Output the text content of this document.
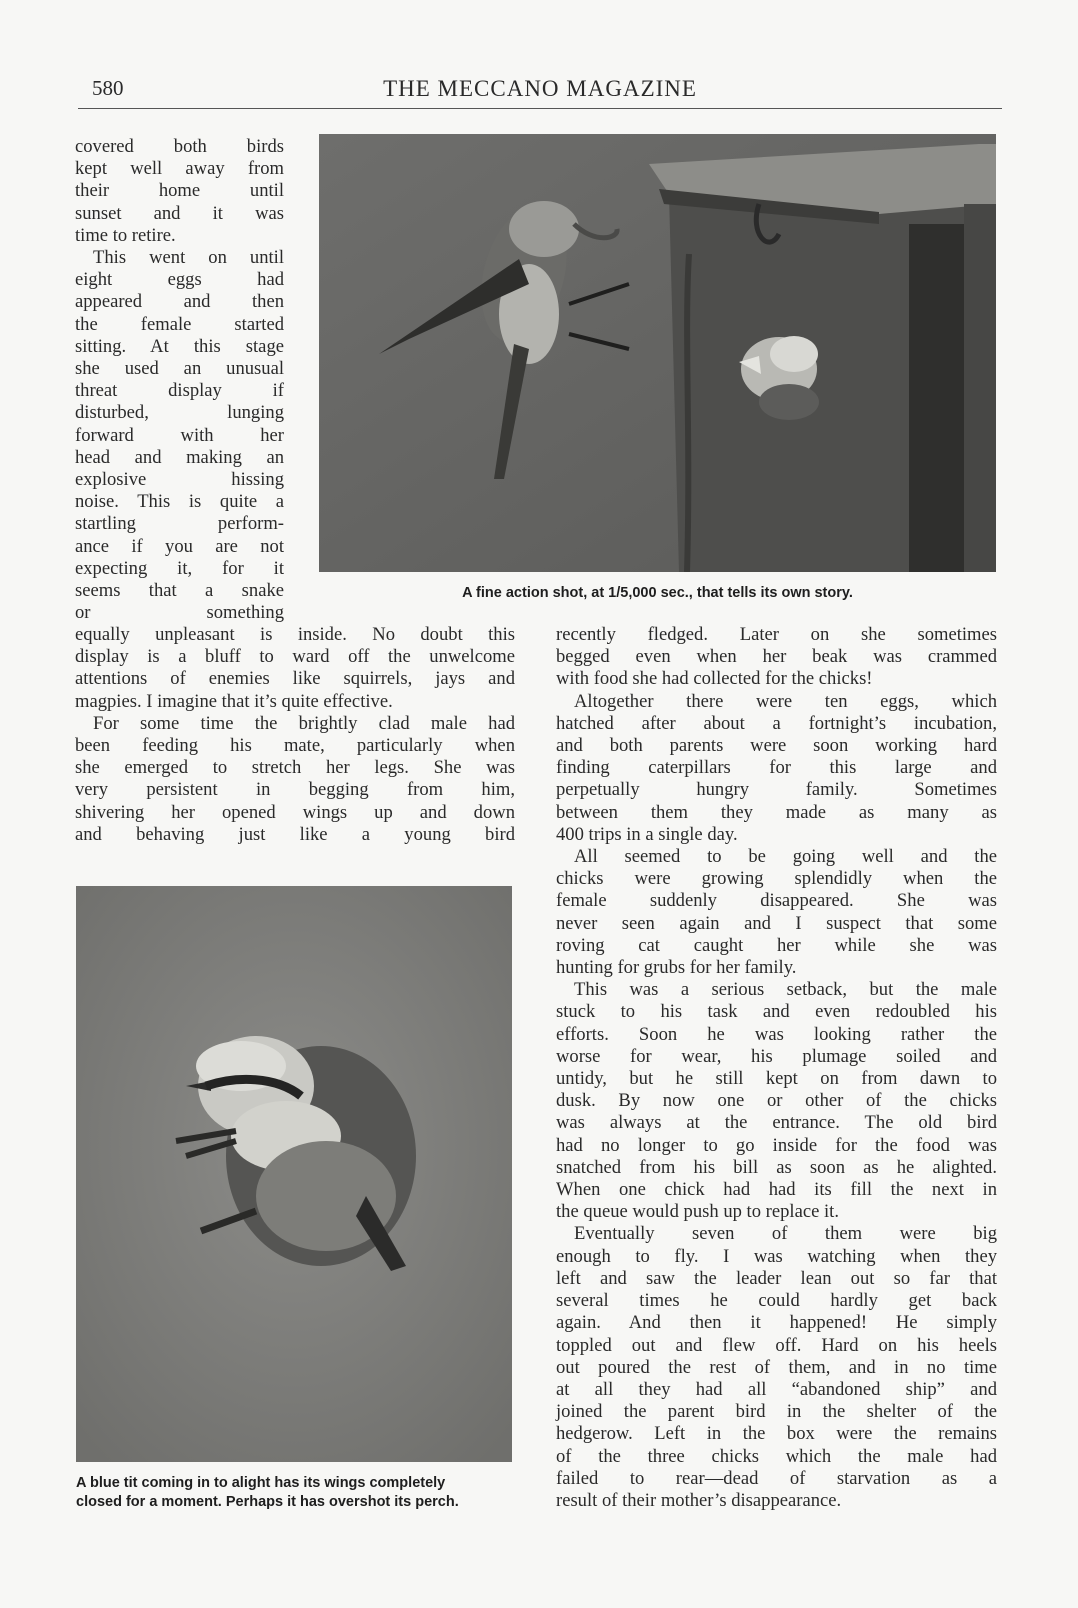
580	THE MECCANO MAGAZINE

covered both birds

kept well away from

their home until

sunset and it was

time to retire.

This went on until

eight eggs had

appeared and then

the female started

sitting. At this stage

she used an unusual

threat display if

disturbed, lunging

forward with her

head and making an

explosive hissing

noise. This is quite a

startling perform-

ance if you are not

expecting it, for it

seems that a snake

or something

A fine action shot, at 1/5,000 sec., that tells its own story.

equally unpleasant is inside. No doubt this

display is a bluff to ward off the unwelcome

attentions of enemies like squirrels, jays and

magpies. I imagine that it’s quite effective.

For some time the brightly clad male had

been feeding his mate, particularly when

she emerged to stretch her legs. She was

very persistent in begging from him,

shivering her opened wings up and down

and behaving just like a young bird

A blue tit coming in to alight has its wings completely
closed for a moment. Perhaps it has overshot its perch.

recently fledged. Later on she sometimes

begged even when her beak was crammed

with food she had collected for the chicks!

Altogether there were ten eggs, which

hatched after about a fortnight’s incubation,

and both parents were soon working hard

finding caterpillars for this large and

perpetually hungry family. Sometimes

between them they made as many as

400 trips in a single day.

All seemed to be going well and the

chicks were growing splendidly when the

female suddenly disappeared. She was

never seen again and I suspect that some

roving cat caught her while she was

hunting for grubs for her family.

This was a serious setback, but the male

stuck to his task and even redoubled his

efforts. Soon he was looking rather the

worse for wear, his plumage soiled and

untidy, but he still kept on from dawn to

dusk. By now one or other of the chicks

was always at the entrance. The old bird

had no longer to go inside for the food was

snatched from his bill as soon as he alighted.

When one chick had had its fill the next in

the queue would push up to replace it.

Eventually seven of them were big

enough to fly. I was watching when they

left and saw the leader lean out so far that

several times he could hardly get back

again. And then it happened! He simply

toppled out and flew off. Hard on his heels

out poured the rest of them, and in no time

at all they had all “abandoned ship” and

joined the parent bird in the shelter of the

hedgerow. Left in the box were the remains

of the three chicks which the male had

failed to rear—dead of starvation as a

result of their mother’s disappearance.
